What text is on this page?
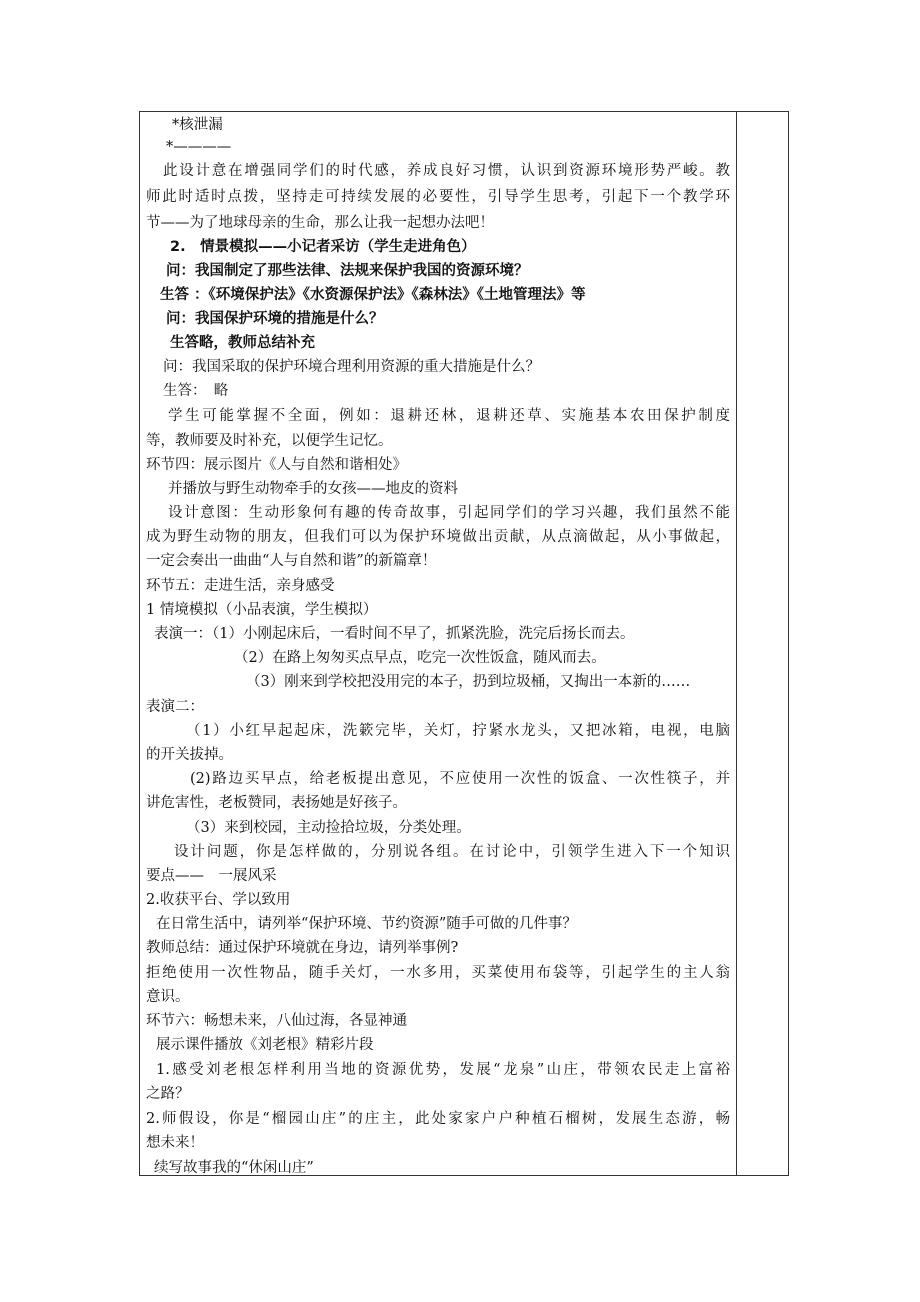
*核泄漏
*————
此设计意在增强同学们的时代感，养成良好习惯，认识到资源环境形势严峻。教
师此时适时点拨，坚持走可持续发展的必要性，引导学生思考，引起下一个教学环
节——为了地球母亲的生命，那么让我一起想办法吧！
2.　情景模拟——小记者采访（学生走进角色）
问：我国制定了那些法律、法规来保护我国的资源环境？
生答 ：《环境保护法》《水资源保护法》《森林法》《土地管理法》等
问：我国保护环境的措施是什么？
生答略，教师总结补充
问：我国采取的保护环境合理利用资源的重大措施是什么？
生答：　略
学生可能掌握不全面，例如：退耕还林，退耕还草、实施基本农田保护制度
等，教师要及时补充，以便学生记忆。
环节四：展示图片《人与自然和谐相处》
并播放与野生动物牵手的女孩——地皮的资料
设计意图：生动形象何有趣的传奇故事，引起同学们的学习兴趣，我们虽然不能
成为野生动物的朋友，但我们可以为保护环境做出贡献，从点滴做起，从小事做起，
一定会奏出一曲曲“人与自然和谐”的新篇章！
环节五：走进生活，亲身感受
1 情境模拟（小品表演，学生模拟）
表演一：（1）小刚起床后，一看时间不早了，抓紧洗脸，洗完后扬长而去。
（2）在路上匆匆买点早点，吃完一次性饭盒，随风而去。
（3）刚来到学校把没用完的本子，扔到垃圾桶，又掏出一本新的……
表演二：
（1）小红早起起床，洗簌完毕，关灯，拧紧水龙头，又把冰箱，电视，电脑
的开关拔掉。
(2)路边买早点，给老板提出意见，不应使用一次性的饭盒、一次性筷子，并
讲危害性，老板赞同，表扬她是好孩子。
（3）来到校园，主动捡拾垃圾，分类处理。
设计问题，你是怎样做的，分别说各组。在讨论中，引领学生进入下一个知识
要点——　一展风采
2.收获平台、学以致用
在日常生活中，请列举“保护环境、节约资源”随手可做的几件事？
教师总结：通过保护环境就在身边，请列举事例?
拒绝使用一次性物品，随手关灯，一水多用，买菜使用布袋等，引起学生的主人翁
意识。
环节六：畅想未来，八仙过海，各显神通
展示课件播放《刘老根》精彩片段
1.感受刘老根怎样利用当地的资源优势，发展“龙泉”山庄，带领农民走上富裕
之路？
2.师假设，你是“榴园山庄”的庄主，此处家家户户种植石榴树，发展生态游，畅
想未来！
续写故事我的“休闲山庄”
